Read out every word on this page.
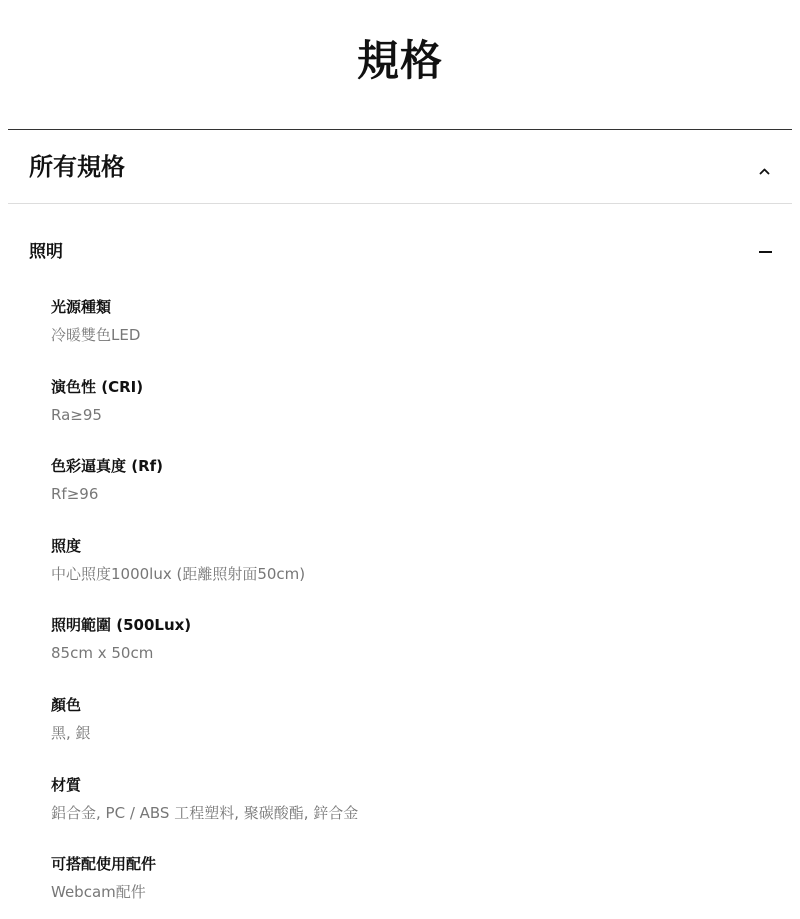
規格
所有規格
照明
光源種類
冷暖雙色LED
演色性 (CRI)
Ra≥95
色彩逼真度 (Rf)
Rf≥96
照度
中心照度1000lux (距離照射面50cm)
照明範圍 (500Lux)
85cm x 50cm
顏色
黑, 銀
材質
鋁合金, PC / ABS 工程塑料, 聚碳酸酯, 鋅合金
可搭配使用配件
Webcam配件
